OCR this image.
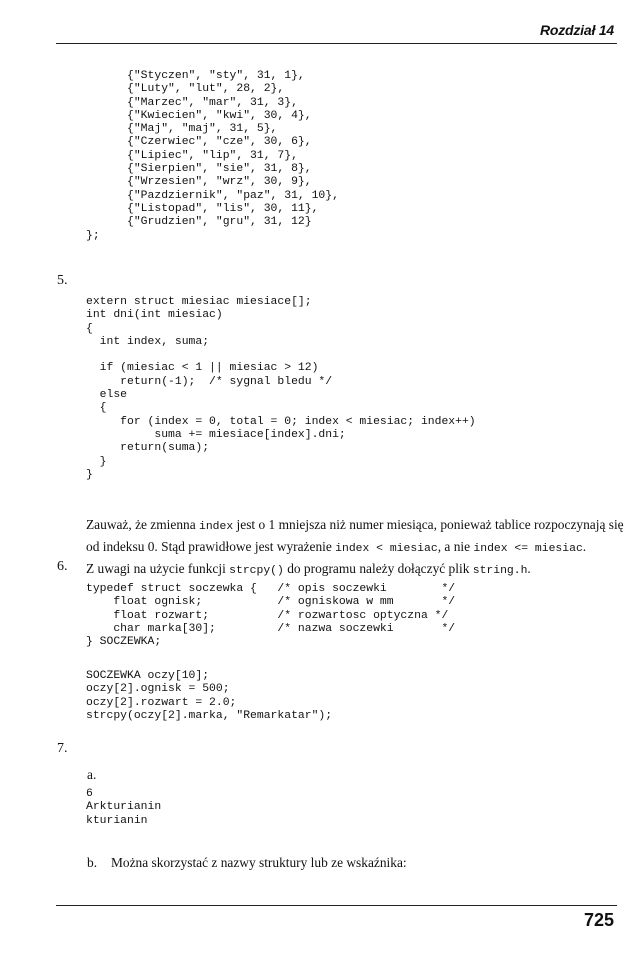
Rozdział 14
{"Styczen", "sty", 31, 1},
{"Luty", "lut", 28, 2},
{"Marzec", "mar", 31, 3},
{"Kwiecien", "kwi", 30, 4},
{"Maj", "maj", 31, 5},
{"Czerwiec", "cze", 30, 6},
{"Lipiec", "lip", 31, 7},
{"Sierpien", "sie", 31, 8},
{"Wrzesien", "wrz", 30, 9},
{"Pazdziernik", "paz", 31, 10},
{"Listopad", "lis", 30, 11},
{"Grudzien", "gru", 31, 12}
};
5.
extern struct miesiac miesiace[];
int dni(int miesiac)
{
int index, suma;

if (miesiac < 1 || miesiac > 12)
return(-1);  /* sygnal bledu */
else
{
for (index = 0, total = 0; index < miesiac; index++)
suma += miesiace[index].dni;
return(suma);
}
}
Zauważ, że zmienna index jest o 1 mniejsza niż numer miesiąca, ponieważ tablice rozpoczynają się od indeksu 0. Stąd prawidłowe jest wyrażenie index < miesiac, a nie index <= miesiac.
6. Z uwagi na użycie funkcji strcpy() do programu należy dołączyć plik string.h.
typedef struct soczewka {   /* opis soczewki        */
float ognisk;           /* ogniskowa w mm       */
float rozwart;          /* rozwartosc optyczna */
char marka[30];         /* nazwa soczewki       */
} SOCZEWKA;
SOCZEWKA oczy[10];
oczy[2].ognisk = 500;
oczy[2].rozwart = 2.0;
strcpy(oczy[2].marka, "Remarkatar");
7.
a.
6
Arkturianin
kturianin
b. Można skorzystać z nazwy struktury lub ze wskaźnika:
725
